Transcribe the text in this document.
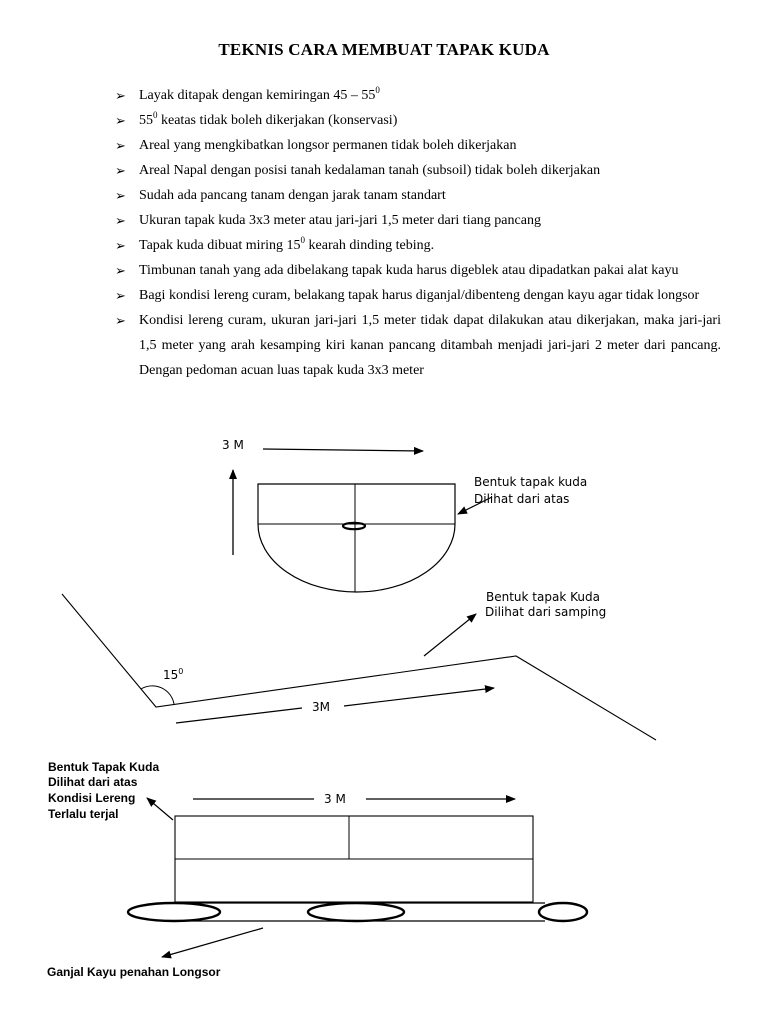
TEKNIS CARA MEMBUAT TAPAK KUDA
➢ Layak ditapak dengan kemiringan $45 - 55^0$
➢ $55^0$ keatas tidak boleh dikerjakan (konservasi)
➢ Areal yang mengkibatkan longsor permanen tidak boleh dikerjakan
➢ Areal Napal dengan posisi tanah kedalaman tanah (subsoil) tidak boleh dikerjakan
➢ Sudah ada pancang tanam dengan jarak tanam standart
➢ Ukuran tapak kuda 3x3 meter atau jari-jari 1,5 meter dari tiang pancang
➢ Tapak kuda dibuat miring $15^0$ kearah dinding tebing.
➢ Timbunan tanah yang ada dibelakang tapak kuda harus digeblek atau dipadatkan pakai alat kayu
➢ Bagi kondisi lereng curam, belakang tapak harus diganjal/dibenteng dengan kayu agar tidak longsor
➢ Kondisi lereng curam, ukuran jari-jari 1,5 meter tidak dapat dilakukan atau dikerjakan, maka jari-jari 1,5 meter yang arah kesamping kiri kanan pancang ditambah menjadi jari-jari 2 meter dari pancang. Dengan pedoman acuan luas tapak kuda 3x3 meter
3 M
Bentuk tapak kuda
Dilihat dari atas
Bentuk tapak Kuda
Dilihat dari samping
$15^0$
3M
Bentuk Tapak Kuda
Dilihat dari atas
Kondisi Lereng
Terlalu terjal
3 M
Ganjal Kayu penahan Longsor
